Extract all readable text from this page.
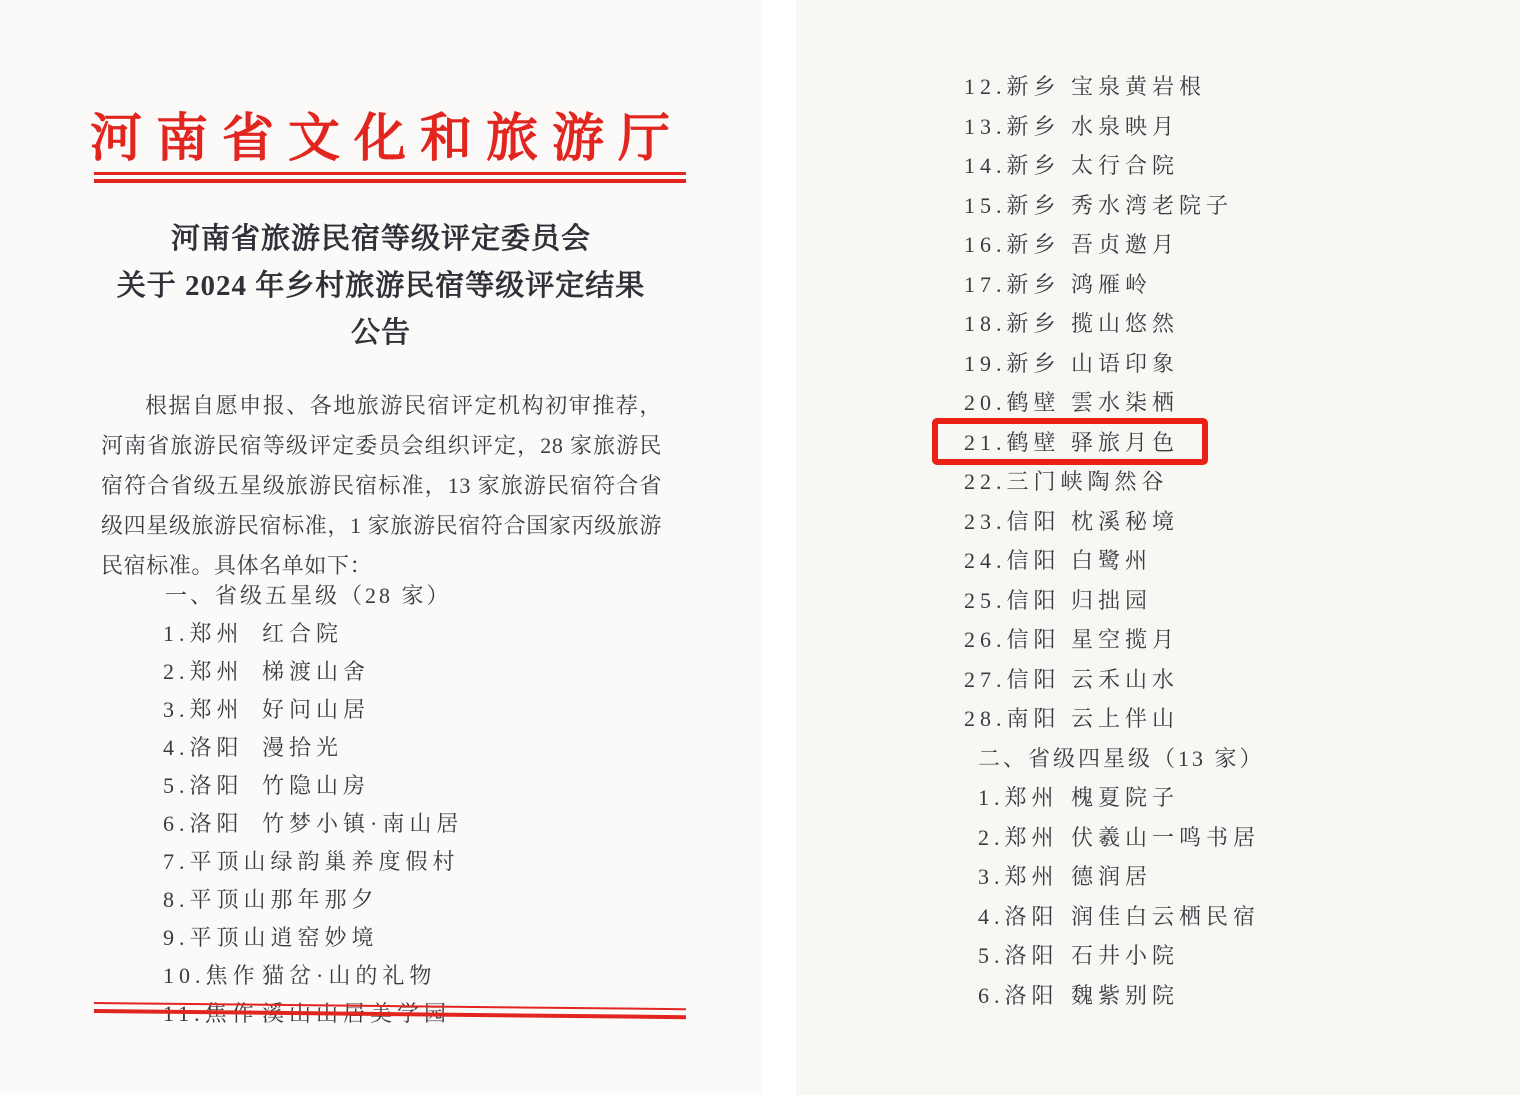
河南省文化和旅游厅
河南省旅游民宿等级评定委员会
关于 2024 年乡村旅游民宿等级评定结果
公告
根据自愿申报、各地旅游民宿评定机构初审推荐，河南省旅游民宿等级评定委员会组织评定，28 家旅游民宿符合省级五星级旅游民宿标准，13 家旅游民宿符合省级四星级旅游民宿标准，1 家旅游民宿符合国家丙级旅游民宿标准。具体名单如下：
一、省级五星级（28 家）
1.郑州 红合院
2.郑州 梯渡山舍
3.郑州 好问山居
4.洛阳 漫拾光
5.洛阳 竹隐山房
6.洛阳 竹梦小镇·南山居
7.平顶山 绿韵巢养度假村
8.平顶山 那年那夕
9.平顶山 逍窑妙境
10.焦作 猫岔·山的礼物
11.焦作 溪山山居美学园
12.新乡 宝泉黄岩根
13.新乡 水泉映月
14.新乡 太行合院
15.新乡 秀水湾老院子
16.新乡 吾贞邀月
17.新乡 鸿雁岭
18.新乡 揽山悠然
19.新乡 山语印象
20.鹤壁 雲水柒栖
21.鹤壁 驿旅月色
22.三门峡 陶然谷
23.信阳 枕溪秘境
24.信阳 白鹭州
25.信阳 归拙园
26.信阳 星空揽月
27.信阳 云禾山水
28.南阳 云上伴山
二、省级四星级（13 家）
1.郑州 槐夏院子
2.郑州 伏羲山一鸣书居
3.郑州 德润居
4.洛阳 润佳白云栖民宿
5.洛阳 石井小院
6.洛阳 魏紫别院
